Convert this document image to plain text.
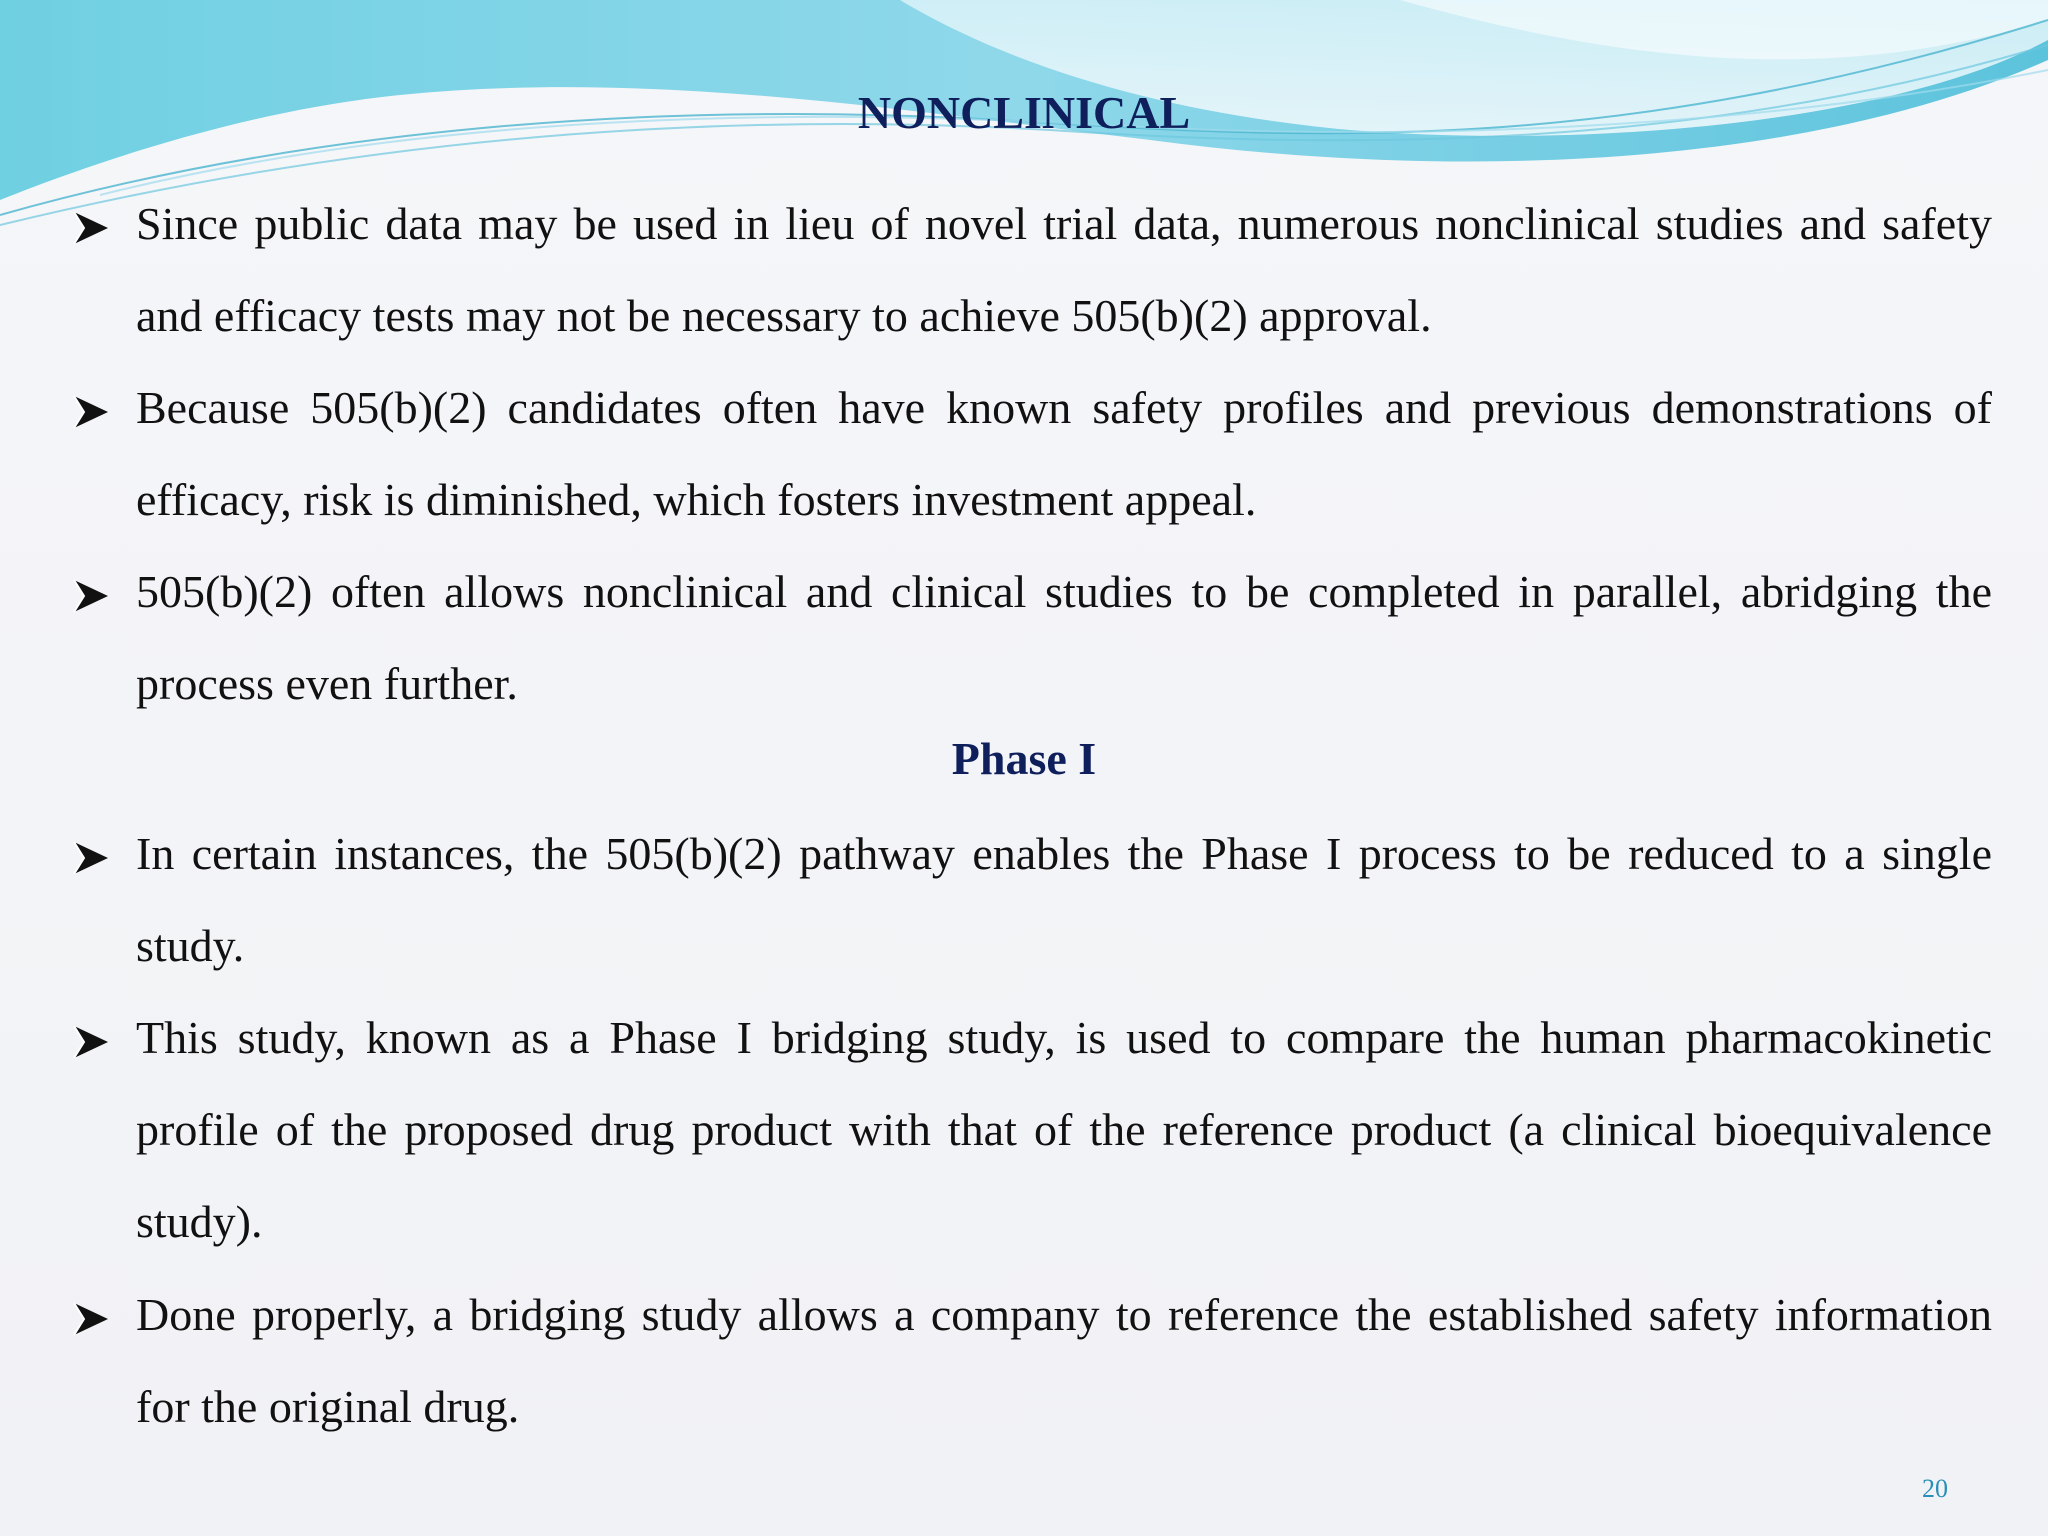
NONCLINICAL
Since public data may be used in lieu of novel trial data, numerous nonclinical studies and safety and efficacy tests may not be necessary to achieve 505(b)(2) approval.
Because 505(b)(2) candidates often have known safety profiles and previous demonstrations of efficacy, risk is diminished, which fosters investment appeal.
505(b)(2) often allows nonclinical and clinical studies to be completed in parallel, abridging the process even further.
Phase I
In certain instances, the 505(b)(2) pathway enables the Phase I process to be reduced to a single study.
This study, known as a Phase I bridging study, is used to compare the human pharmacokinetic profile of the proposed drug product with that of the reference product (a clinical bioequivalence study).
Done properly, a bridging study allows a company to reference the established safety information for the original drug.
20
